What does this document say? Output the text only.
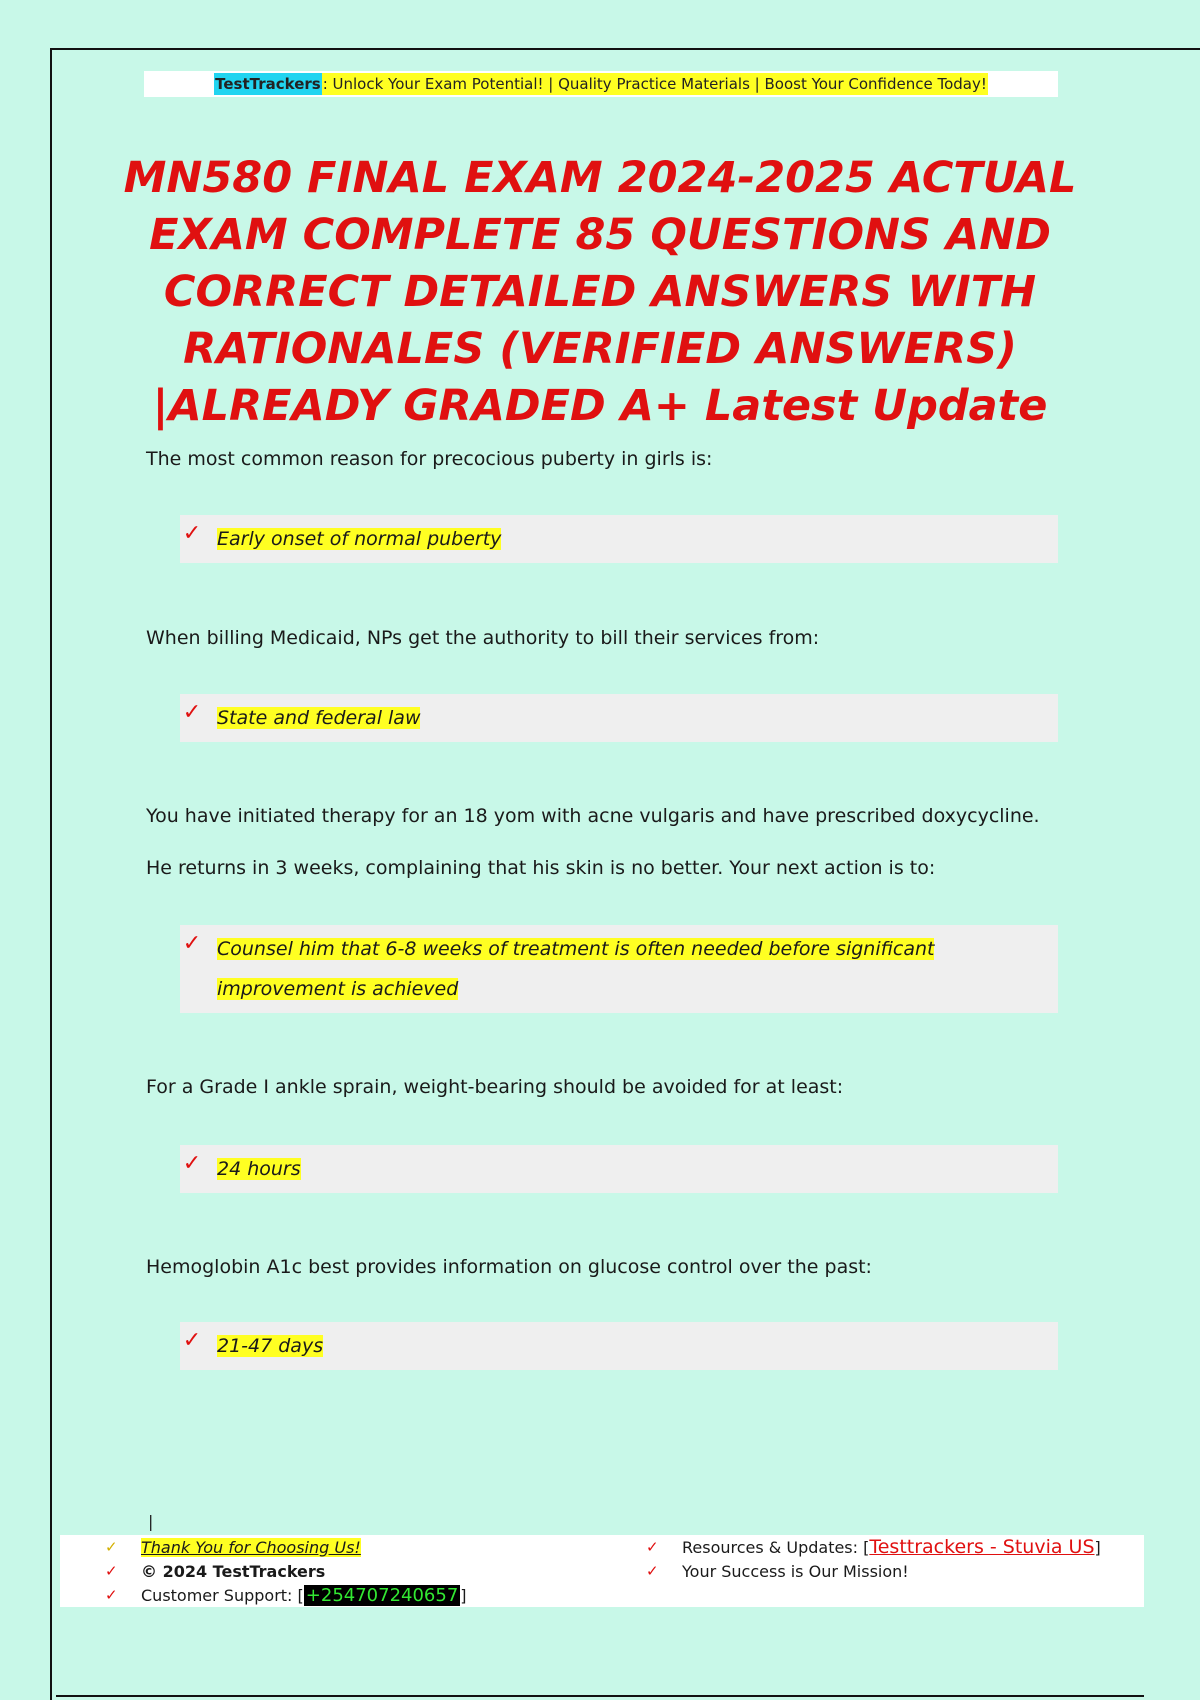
TestTrackers : Unlock Your Exam Potential! | Quality Practice Materials | Boost Your Confidence Today!
MN580 FINAL EXAM 2024-2025 ACTUAL EXAM COMPLETE 85 QUESTIONS AND CORRECT DETAILED ANSWERS WITH RATIONALES (VERIFIED ANSWERS) |ALREADY GRADED A+ Latest Update

The most common reason for precocious puberty in girls is:

✓ Early onset of normal puberty

When billing Medicaid, NPs get the authority to bill their services from:

✓ State and federal law

You have initiated therapy for an 18 yom with acne vulgaris and have prescribed doxycycline. He returns in 3 weeks, complaining that his skin is no better. Your next action is to:

✓ Counsel him that 6-8 weeks of treatment is often needed before significant improvement is achieved

For a Grade I ankle sprain, weight-bearing should be avoided for at least:

✓ 24 hours

Hemoglobin A1c best provides information on glucose control over the past:

✓ 21-47 days
|
✓	Thank You for Choosing Us!
✓	© 2024 TestTrackers
✓	Customer Support: [ +254707240657 ]
✓	Resources & Updates: [ Testtrackers - Stuvia US ]
✓	Your Success is Our Mission!
